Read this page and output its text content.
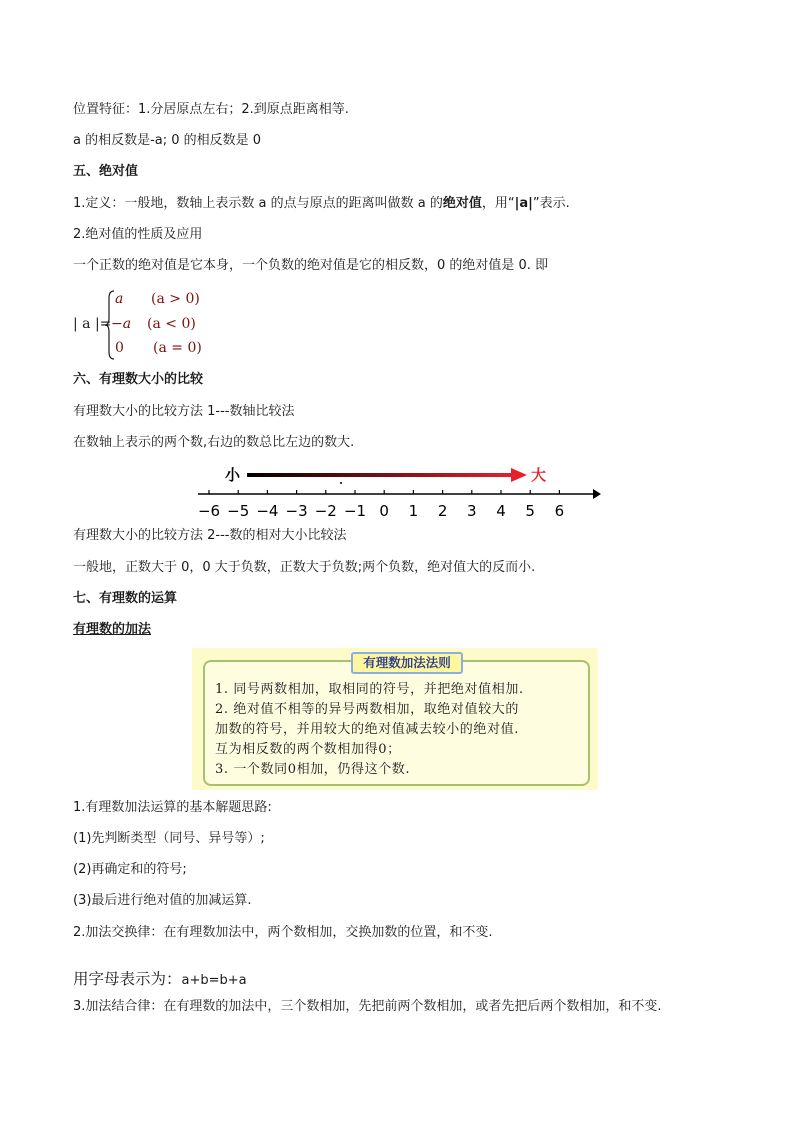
位置特征：1.分居原点左右；2.到原点距离相等.
a 的相反数是-a; 0 的相反数是 0
五、绝对值
1.定义：一般地，数轴上表示数 a 的点与原点的距离叫做数 a 的绝对值，用“|a|”表示.
2.绝对值的性质及应用
一个正数的绝对值是它本身，一个负数的绝对值是它的相反数，0 的绝对值是 0. 即
| a |=
a (a > 0)
−a (a < 0)
0 (a = 0)
六、有理数大小的比较
有理数大小的比较方法 1---数轴比较法
在数轴上表示的两个数,右边的数总比左边的数大.
小	大
−6 −5 −4 −3 −2 −1 0 1 2 3 4 5 6
有理数大小的比较方法 2---数的相对大小比较法
一般地，正数大于 0，0 大于负数，正数大于负数;两个负数，绝对值大的反而小.
七、有理数的运算
有理数的加法
有理数加法法则
1. 同号两数相加，取相同的符号，并把绝对值相加.
2. 绝对值不相等的异号两数相加，取绝对值较大的
加数的符号，并用较大的绝对值减去较小的绝对值.
互为相反数的两个数相加得0；
3. 一个数同0相加，仍得这个数.
1.有理数加法运算的基本解题思路:
(1)先判断类型（同号、异号等）;
(2)再确定和的符号;
(3)最后进行绝对值的加减运算.
2.加法交换律：在有理数加法中，两个数相加，交换加数的位置，和不变.
用字母表示为：a+b=b+a
3.加法结合律：在有理数的加法中，三个数相加，先把前两个数相加，或者先把后两个数相加，和不变.
